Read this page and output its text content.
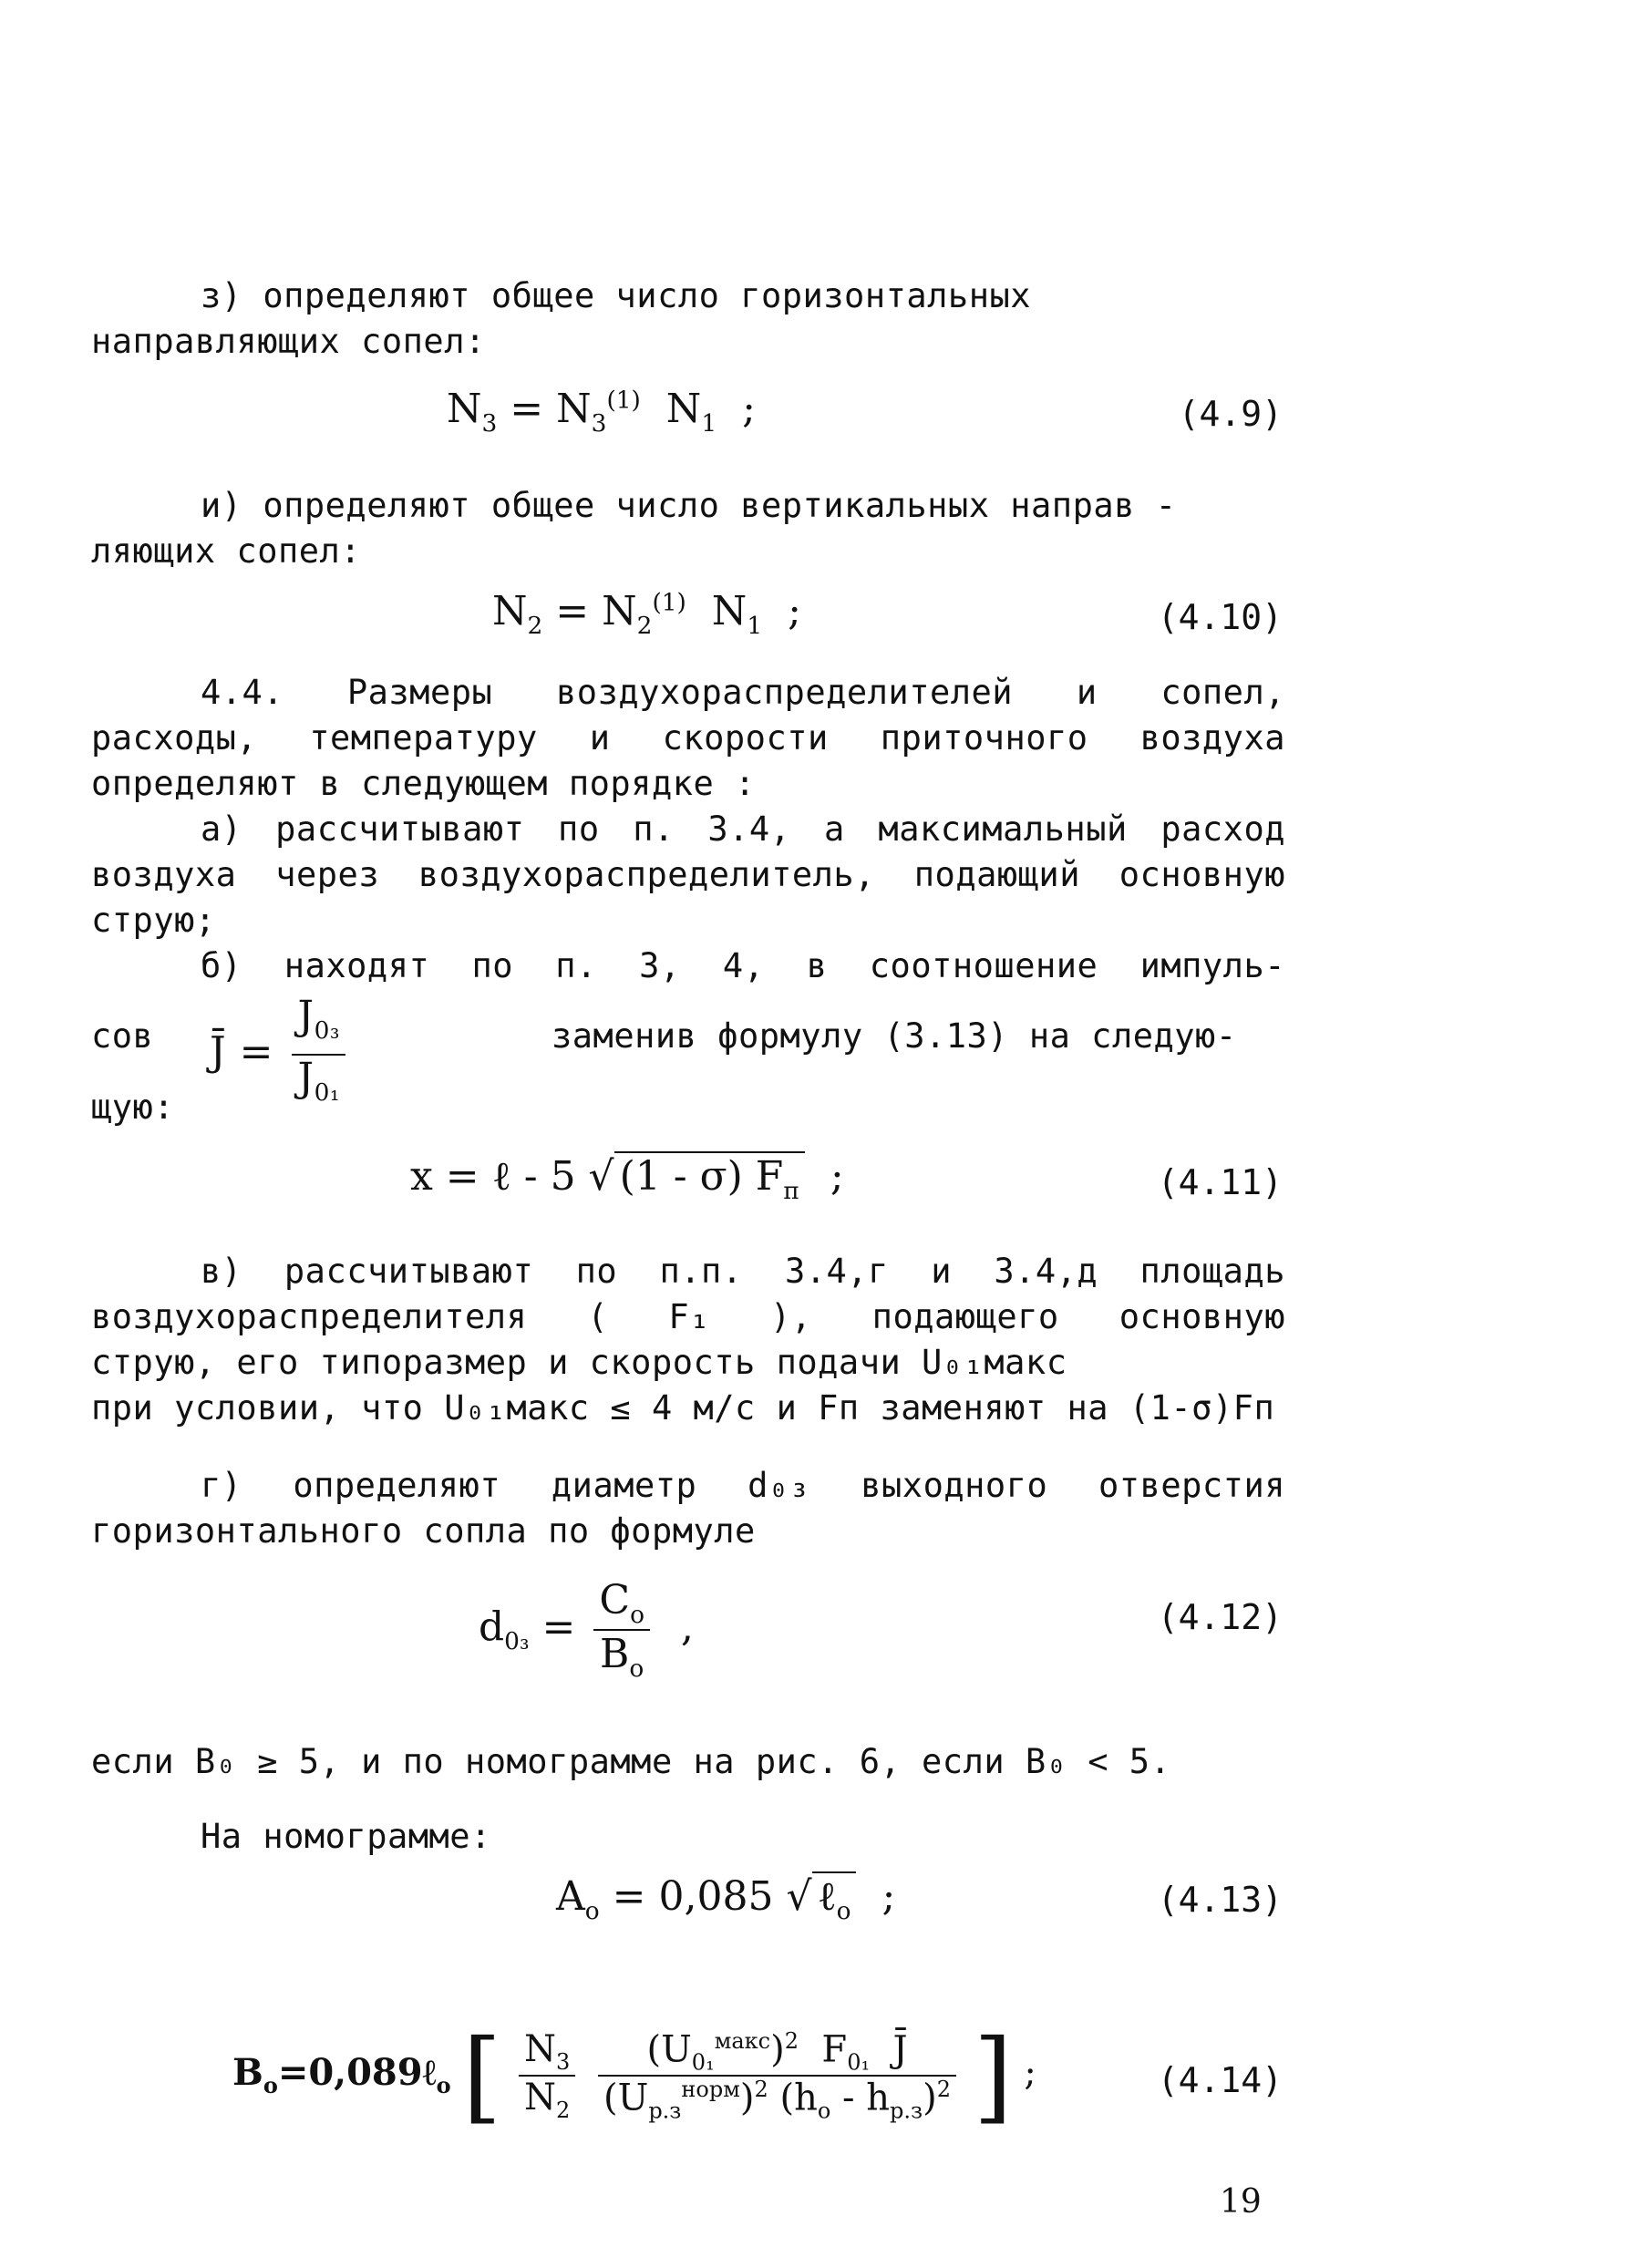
з) определяют общее число горизонтальных направляющих сопел:

$N_3 = N_3^{(1)}$  $N_1$  ;	(4.9)

и) определяют общее число вертикальных направ - ляющих сопел:

$N_2 = N_2^{(1)}$  $N_1$  ;	(4.10)

4.4. Размеры воздухораспределителей и сопел, расходы, температуру и скорости приточного воздуха определяют в следующем порядке :

а) рассчитывают по п. 3.4, а максимальный расход воздуха через воздухораспределитель, подающий основную струю;

б) находят по п. 3, 4, в соотношение импуль-

сов J̄ = $\frac{J_{0_3}}{J_{0_1}}$	заменив формулу (3.13) на следую-

щую:

x = ℓ - 5 √ (1 - σ) $F_п$  ;	(4.11)

в) рассчитывают по п.п. 3.4,г и 3.4,д площадь

воздухораспределителя ( F₁ ), подающего основную

струю, его типоразмер и скорость подачи U₀₁макс

при условии, что U₀₁макс ≤ 4 м/с и Fп заменяют на (1-σ)Fп

г) определяют диаметр d₀₃ выходного отверстия горизонтального сопла по формуле

$d_{0_3} = \frac{C_o}{B_o}$ ,	(4.12)

если B₀ ≥ 5, и по номограмме на рис. 6, если B₀ < 5.

На номограмме:

$A_o = 0,085$ √ ℓ$_o$  ;	(4.13)
$B_o=0,089\ell_o$ [ $\frac{N_3}{N_2}$
$\frac{(U_{0_1}^{макс})^2 F_{0_1} J̄}{(U_{р.з}^{норм})^2 (h_o - h_{р.з})^2}$ ] ;	(4.14)
19
